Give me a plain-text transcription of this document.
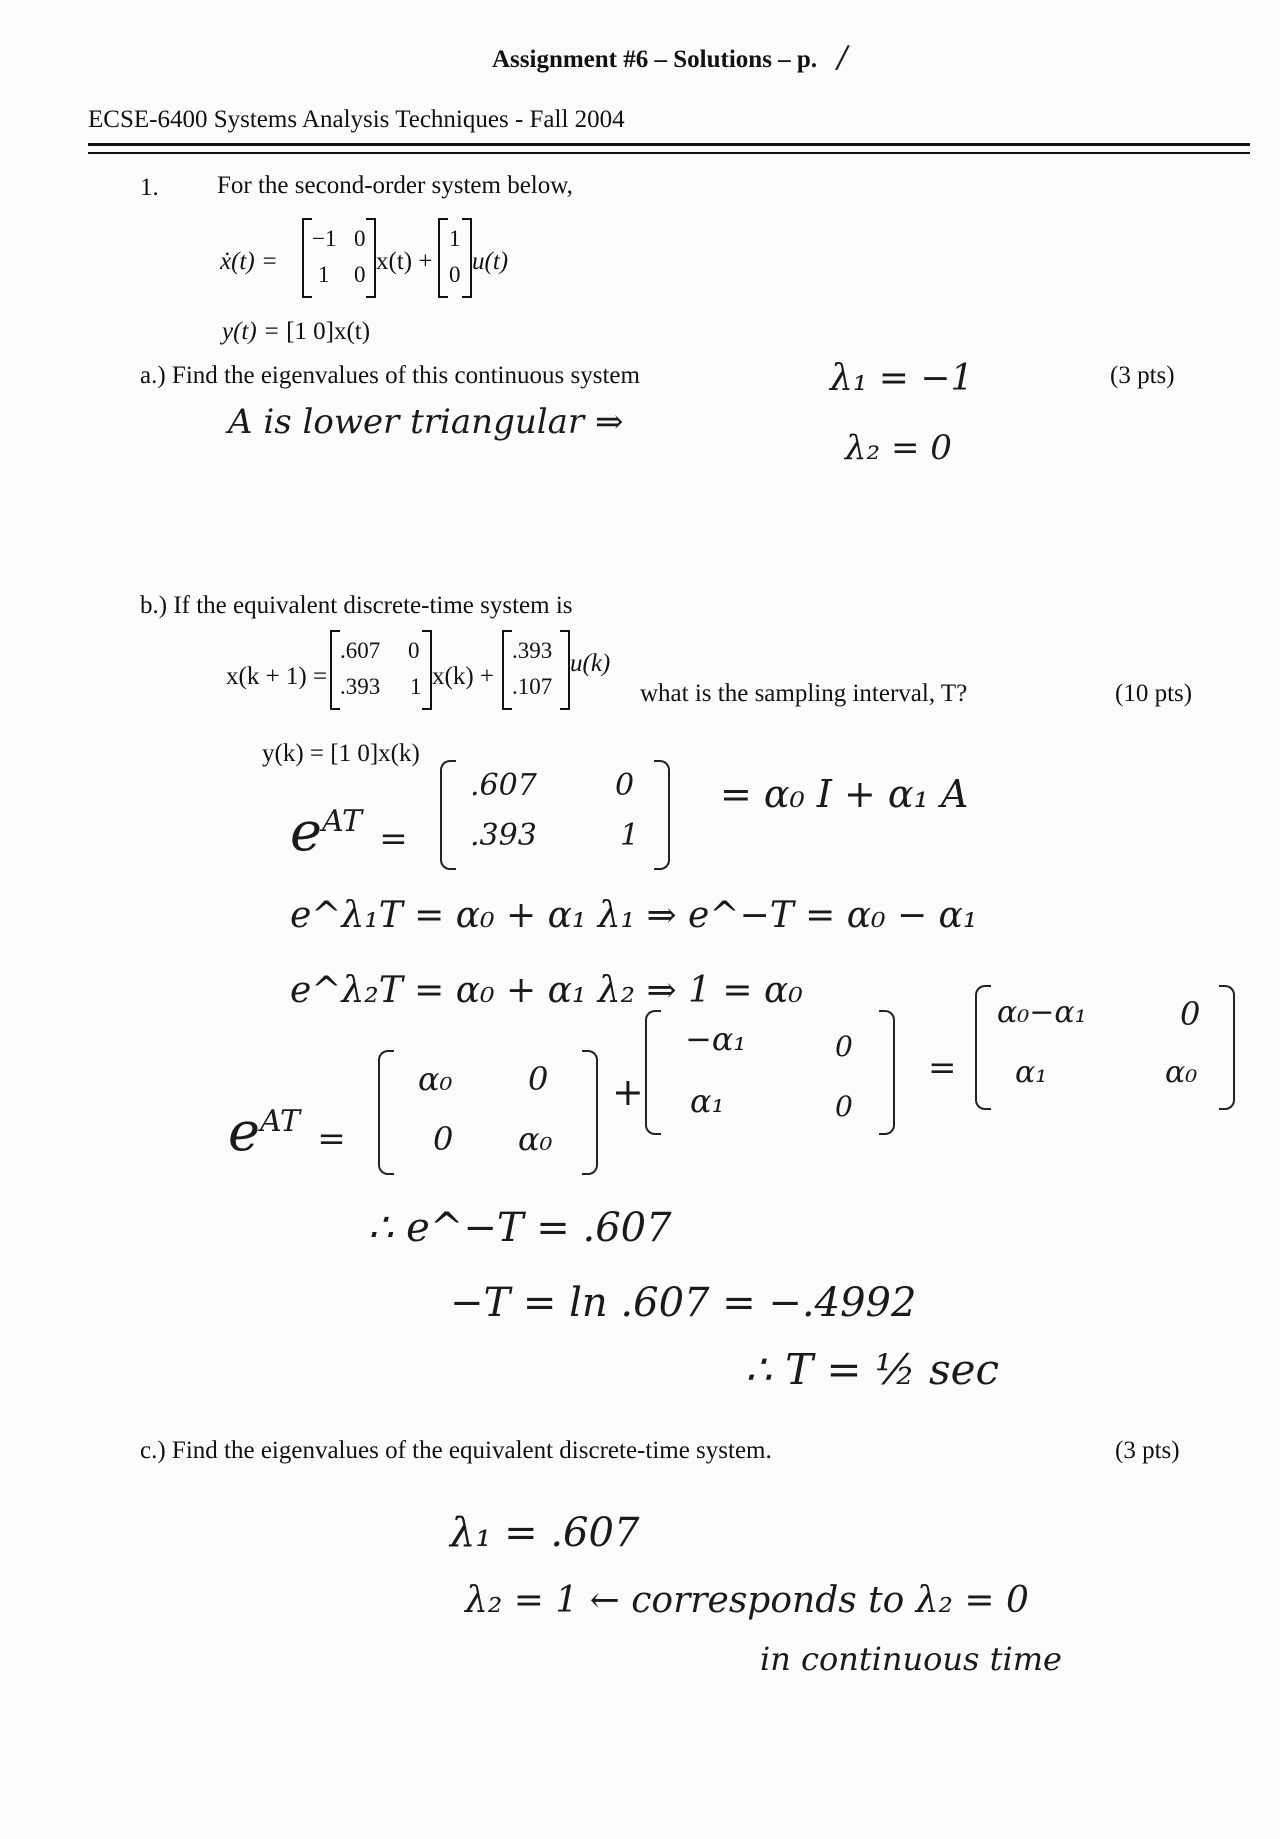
Assignment #6 – Solutions – p. /
ECSE-6400 Systems Analysis Techniques - Fall 2004
1. For the second-order system below,
ẋ(t) =
−1 0
1 0 x(t) +
1
0 u(t)
y(t) = [1 0]x(t)
a.) Find the eigenvalues of this continuous system	(3 pts)
A is lower triangular ⇒
λ₁ = −1
λ₂ = 0
b.) If the equivalent discrete-time system is
x(k + 1) =
.607 0
.393 1 x(k) +
.393
.107
u(k)
what is the sampling interval, T?	(10 pts)
y(k) = [1 0]x(k)
$e^{AT}$ =
.607	0
.393	1
= α₀ I + α₁ A
e^λ₁T = α₀ + α₁ λ₁ ⇒ e^−T = α₀ − α₁
e^λ₂T = α₀ + α₁ λ₂ ⇒ 1 = α₀
$e^{AT}$ =
α₀ 0
0 α₀
+
−α₁	0
α₁	0
=
α₀−α₁	0
α₁	α₀
∴ e^−T = .607
−T = ln .607 = −.4992
∴ T = ½ sec
c.) Find the eigenvalues of the equivalent discrete-time system.	(3 pts)
λ₁ = .607
λ₂ = 1 ← corresponds to λ₂ = 0
in continuous time
